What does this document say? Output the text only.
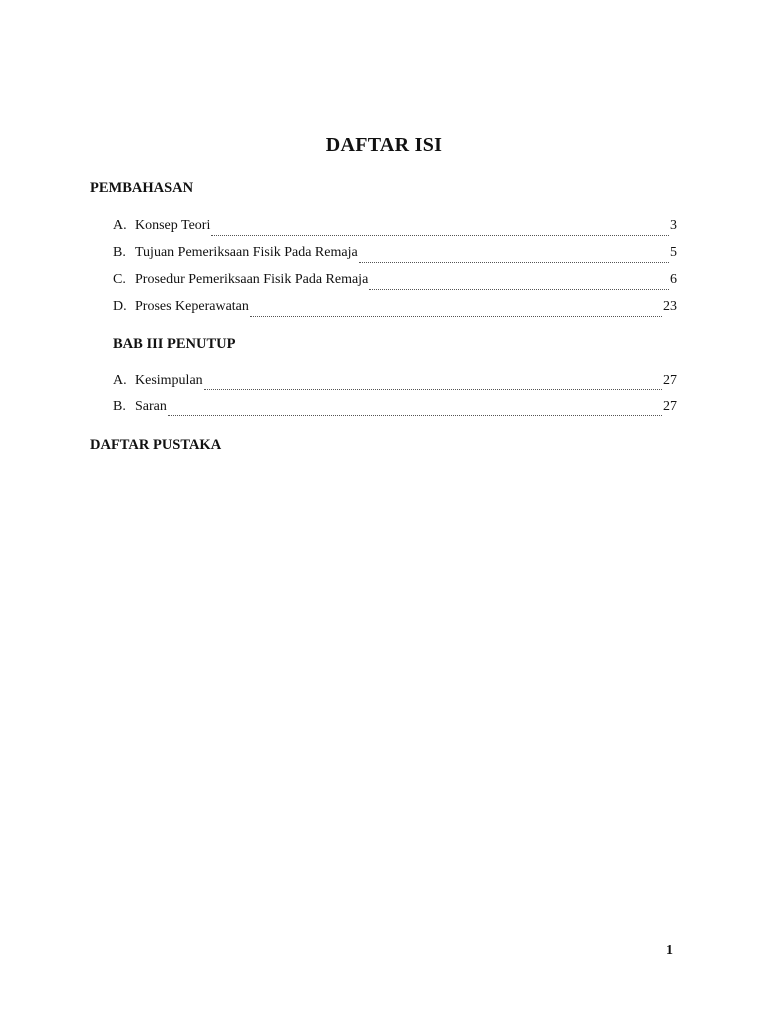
DAFTAR ISI
PEMBAHASAN
A. Konsep Teori	3
B. Tujuan Pemeriksaan Fisik Pada Remaja	5
C. Prosedur Pemeriksaan Fisik Pada Remaja	6
D. Proses Keperawatan	23
BAB III PENUTUP
A. Kesimpulan	27
B. Saran	27
DAFTAR PUSTAKA
1
